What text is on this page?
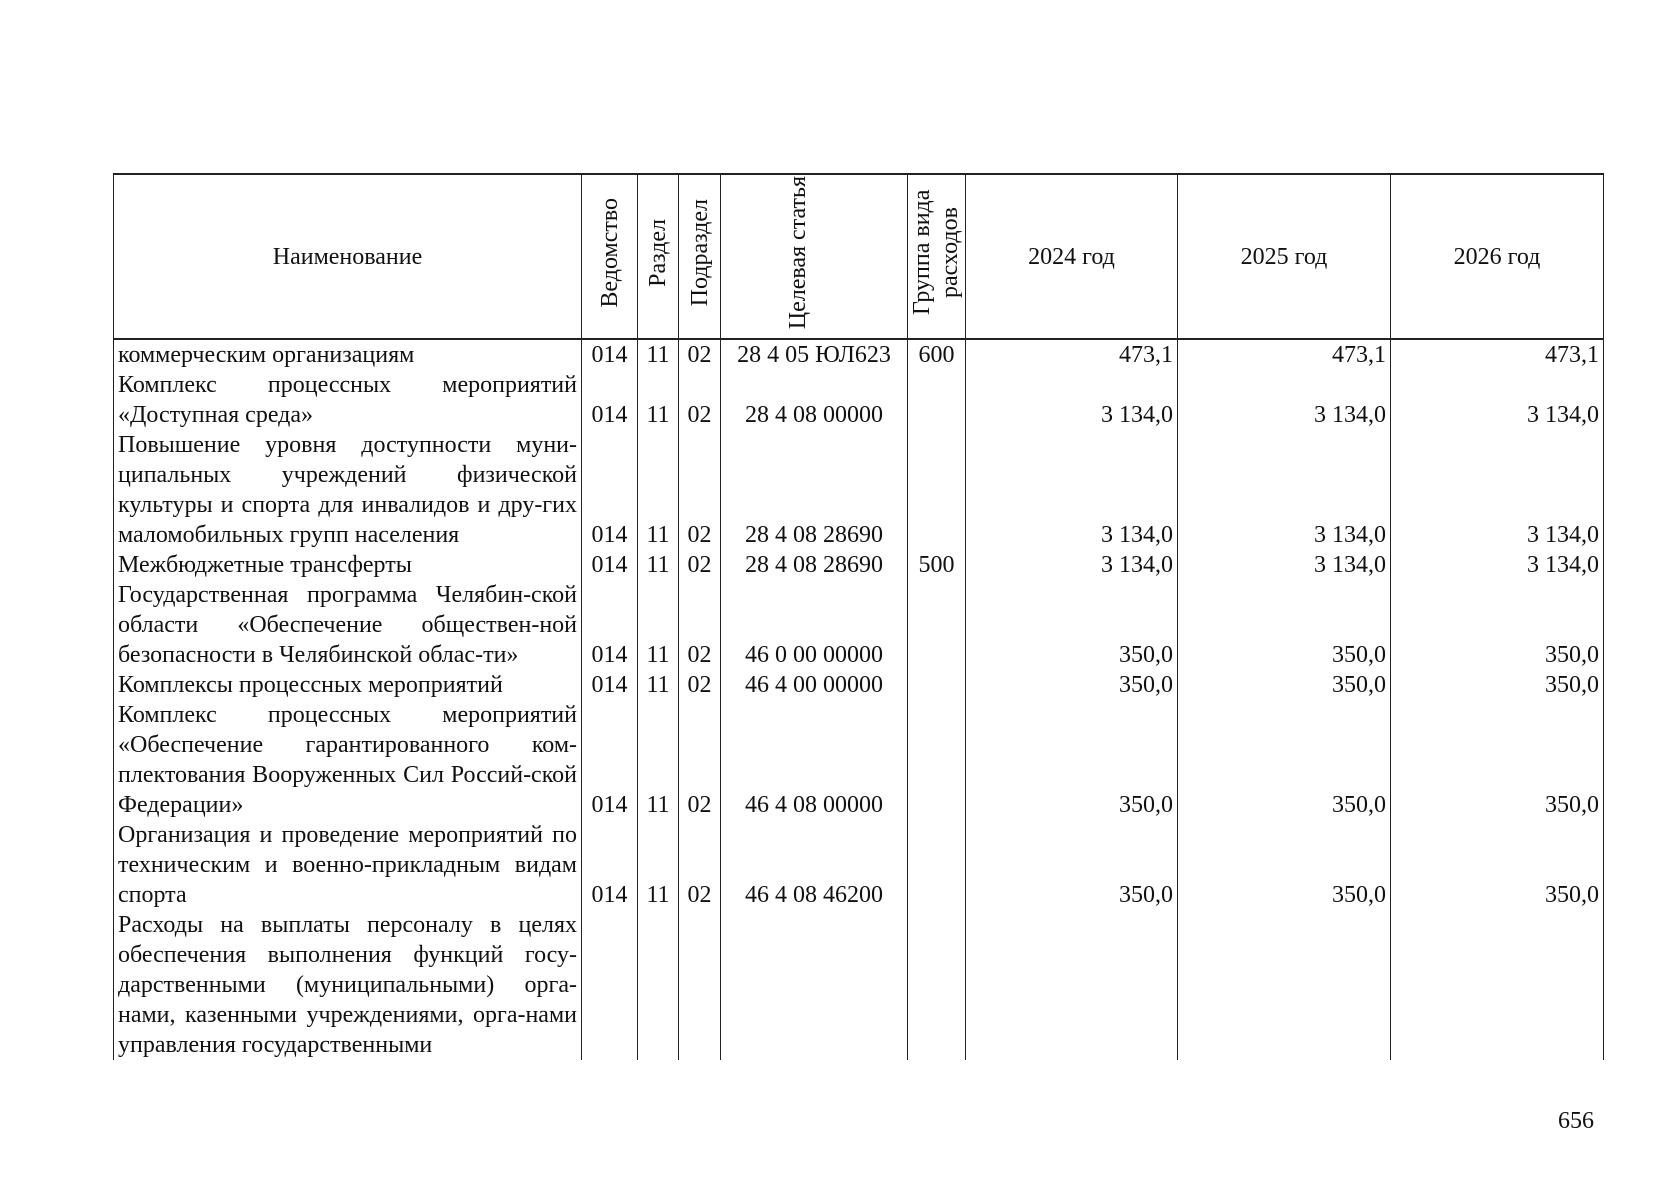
Наименование	Ведомство	Раздел	Подраздел	Целевая статья	Группа вида расходов	2024 год	2025 год	2026 год
коммерческим организациям	014	11	02	28 4 05 ЮЛ623	600	473,1	473,1	473,1
Комплекс процессных мероприятий «Доступная среда»	014	11	02	28 4 08 00000		3 134,0	3 134,0	3 134,0
Повышение уровня доступности муни-ципальных учреждений физической культуры и спорта для инвалидов и дру-гих маломобильных групп населения	014	11	02	28 4 08 28690		3 134,0	3 134,0	3 134,0
Межбюджетные трансферты	014	11	02	28 4 08 28690	500	3 134,0	3 134,0	3 134,0
Государственная программа Челябин-ской области «Обеспечение обществен-ной безопасности в Челябинской облас-ти»	014	11	02	46 0 00 00000		350,0	350,0	350,0
Комплексы процессных мероприятий	014	11	02	46 4 00 00000		350,0	350,0	350,0
Комплекс процессных мероприятий «Обеспечение гарантированного ком-плектования Вооруженных Сил Россий-ской Федерации»	014	11	02	46 4 08 00000		350,0	350,0	350,0
Организация и проведение мероприятий по техническим и военно-прикладным видам спорта	014	11	02	46 4 08 46200		350,0	350,0	350,0
Расходы на выплаты персоналу в целях обеспечения выполнения функций госу-дарственными (муниципальными) орга-нами, казенными учреждениями, орга-нами управления государственными								
656
